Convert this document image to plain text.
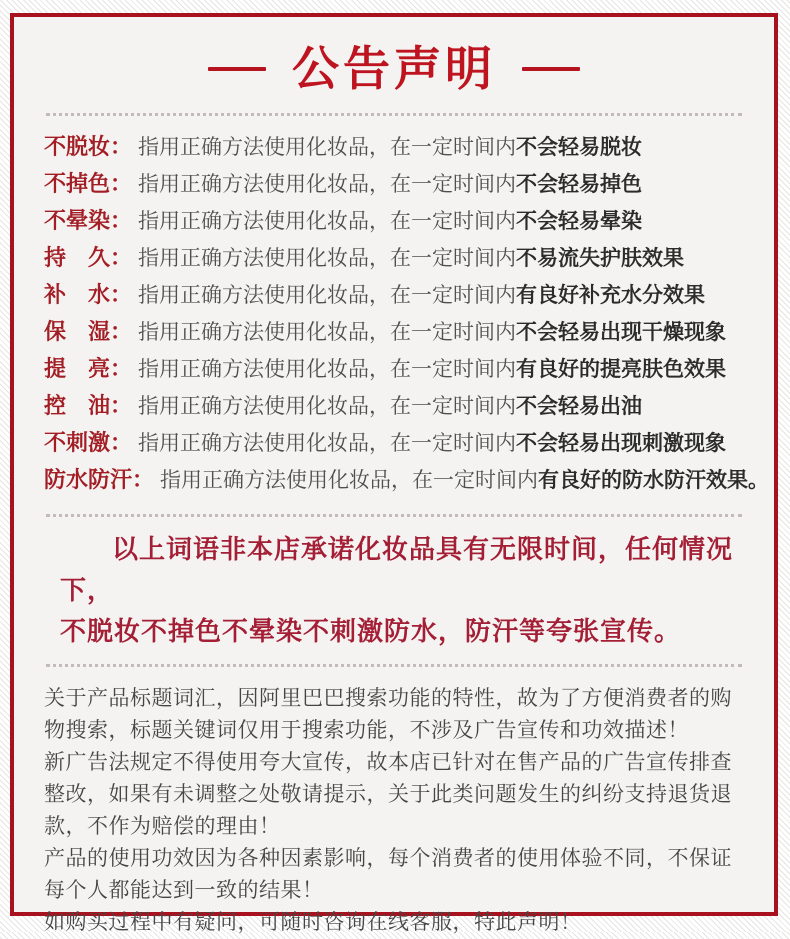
公告声明
不脱妆： 指用正确方法使用化妆品，在一定时间内 不会轻易脱妆
不掉色： 指用正确方法使用化妆品，在一定时间内 不会轻易掉色
不晕染： 指用正确方法使用化妆品，在一定时间内 不会轻易晕染
持　久： 指用正确方法使用化妆品，在一定时间内 不易流失护肤效果
补　水： 指用正确方法使用化妆品，在一定时间内 有良好补充水分效果
保　湿： 指用正确方法使用化妆品，在一定时间内 不会轻易出现干燥现象
提　亮： 指用正确方法使用化妆品，在一定时间内 有良好的提亮肤色效果
控　油： 指用正确方法使用化妆品，在一定时间内 不会轻易出油
不刺激： 指用正确方法使用化妆品，在一定时间内 不会轻易出现刺激现象
防水防汗： 指用正确方法使用化妆品，在一定时间内 有良好的防水防汗效果。
以上词语非本店承诺化妆品具有无限时间，任何情况下，
不脱妆不掉色不晕染不刺激防水，防汗等夸张宣传。

关于产品标题词汇，因阿里巴巴搜索功能的特性，故为了方便消费者的购物搜索，标题关键词仅用于搜索功能，不涉及广告宣传和功效描述！

新广告法规定不得使用夸大宣传，故本店已针对在售产品的广告宣传排查整改，如果有未调整之处敬请提示，关于此类问题发生的纠纷支持退货退款，不作为赔偿的理由！

产品的使用功效因为各种因素影响，每个消费者的使用体验不同，不保证每个人都能达到一致的结果！

如购买过程中有疑问，可随时咨询在线客服，特此声明！
